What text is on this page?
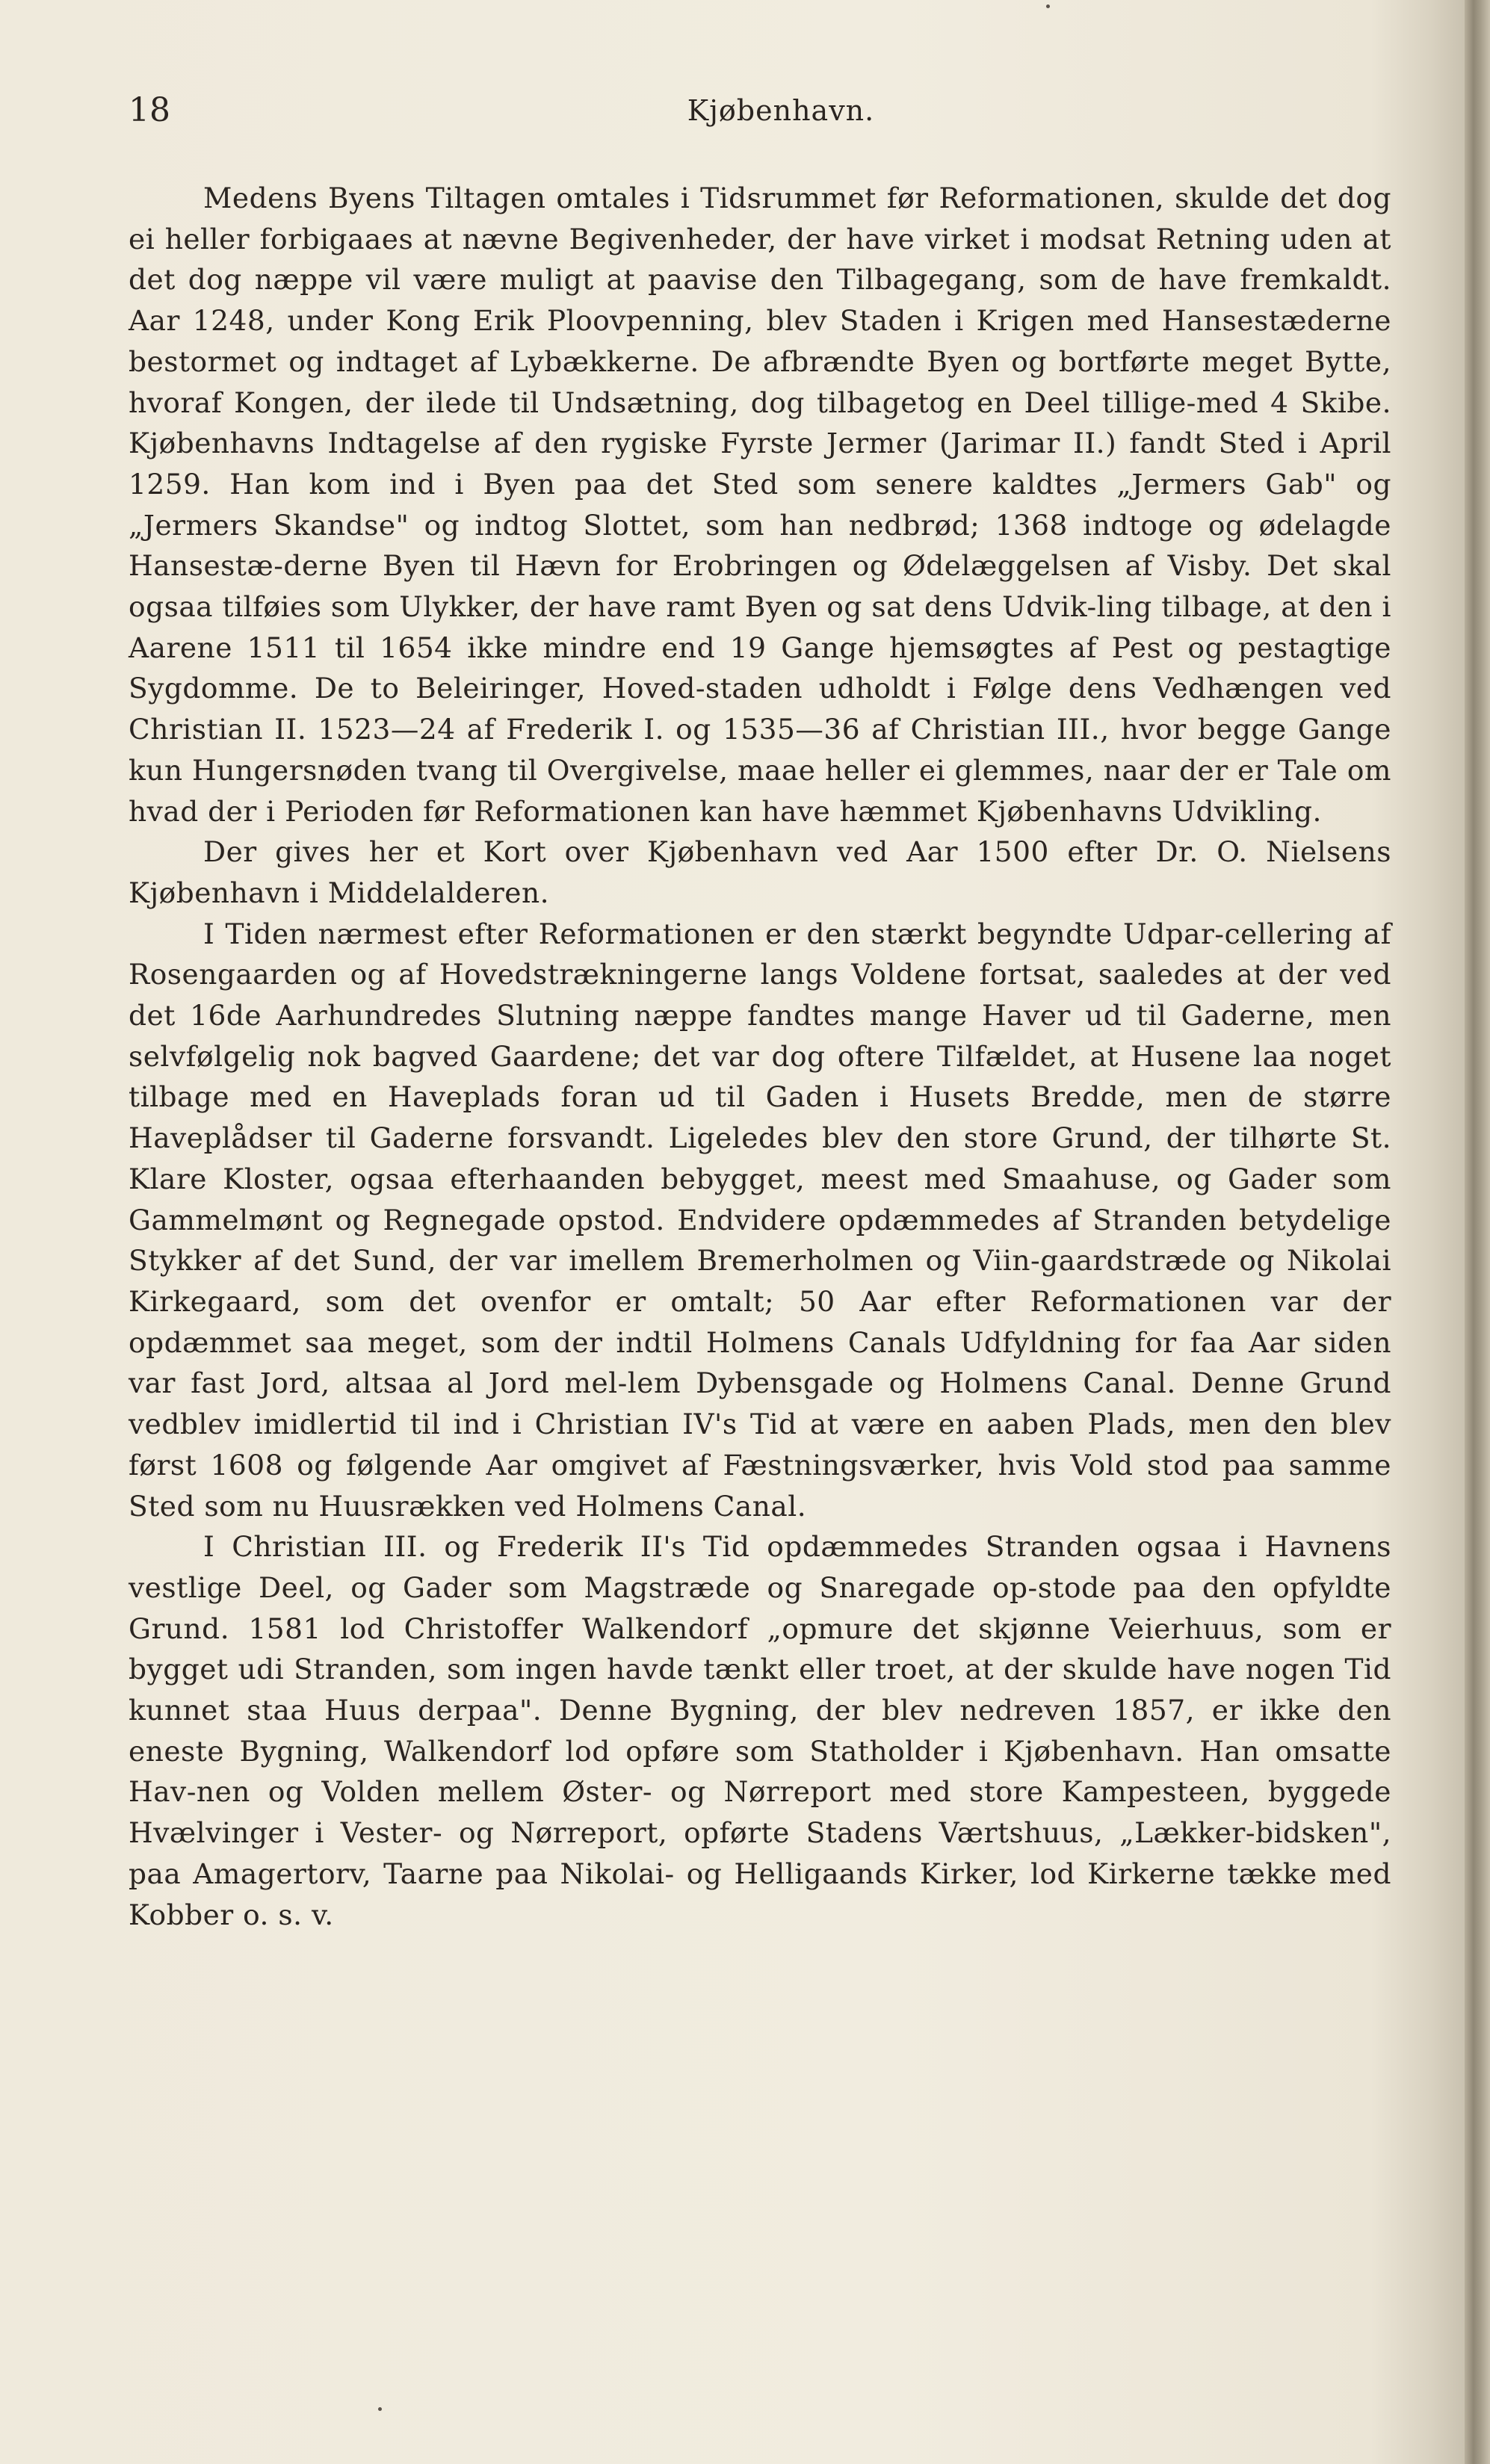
18	Kjøbenhavn.

Medens Byens Tiltagen omtales i Tidsrummet før Reformationen, skulde det dog ei heller forbigaaes at nævne Begivenheder, der have virket i modsat Retning uden at det dog næppe vil være muligt at paavise den Tilbagegang, som de have fremkaldt. Aar 1248, under Kong Erik Ploovpenning, blev Staden i Krigen med Hansestæderne bestormet og indtaget af Lybækkerne. De afbrændte Byen og bortførte meget Bytte, hvoraf Kongen, der ilede til Undsætning, dog tilbagetog en Deel tillige-med 4 Skibe. Kjøbenhavns Indtagelse af den rygiske Fyrste Jermer (Jarimar II.) fandt Sted i April 1259. Han kom ind i Byen paa det Sted som senere kaldtes „Jermers Gab" og „Jermers Skandse" og indtog Slottet, som han nedbrød; 1368 indtoge og ødelagde Hansestæ-derne Byen til Hævn for Erobringen og Ødelæggelsen af Visby. Det skal ogsaa tilføies som Ulykker, der have ramt Byen og sat dens Udvik-ling tilbage, at den i Aarene 1511 til 1654 ikke mindre end 19 Gange hjemsøgtes af Pest og pestagtige Sygdomme. De to Beleiringer, Hoved-staden udholdt i Følge dens Vedhængen ved Christian II. 1523—24 af Frederik I. og 1535—36 af Christian III., hvor begge Gange kun Hungersnøden tvang til Overgivelse, maae heller ei glemmes, naar der er Tale om hvad der i Perioden før Reformationen kan have hæmmet Kjøbenhavns Udvikling.

Der gives her et Kort over Kjøbenhavn ved Aar 1500 efter Dr. O. Nielsens Kjøbenhavn i Middelalderen.

I Tiden nærmest efter Reformationen er den stærkt begyndte Udpar-cellering af Rosengaarden og af Hovedstrækningerne langs Voldene fortsat, saaledes at der ved det 16de Aarhundredes Slutning næppe fandtes mange Haver ud til Gaderne, men selvfølgelig nok bagved Gaardene; det var dog oftere Tilfældet, at Husene laa noget tilbage med en Haveplads foran ud til Gaden i Husets Bredde, men de større Haveplådser til Gaderne forsvandt. Ligeledes blev den store Grund, der tilhørte St. Klare Kloster, ogsaa efterhaanden bebygget, meest med Smaahuse, og Gader som Gammelmønt og Regnegade opstod. Endvidere opdæmmedes af Stranden betydelige Stykker af det Sund, der var imellem Bremerholmen og Viin-gaardstræde og Nikolai Kirkegaard, som det ovenfor er omtalt; 50 Aar efter Reformationen var der opdæmmet saa meget, som der indtil Holmens Canals Udfyldning for faa Aar siden var fast Jord, altsaa al Jord mel-lem Dybensgade og Holmens Canal. Denne Grund vedblev imidlertid til ind i Christian IV's Tid at være en aaben Plads, men den blev først 1608 og følgende Aar omgivet af Fæstningsværker, hvis Vold stod paa samme Sted som nu Huusrækken ved Holmens Canal.

I Christian III. og Frederik II's Tid opdæmmedes Stranden ogsaa i Havnens vestlige Deel, og Gader som Magstræde og Snaregade op-stode paa den opfyldte Grund. 1581 lod Christoffer Walkendorf „opmure det skjønne Veierhuus, som er bygget udi Stranden, som ingen havde tænkt eller troet, at der skulde have nogen Tid kunnet staa Huus derpaa". Denne Bygning, der blev nedreven 1857, er ikke den eneste Bygning, Walkendorf lod opføre som Statholder i Kjøbenhavn. Han omsatte Hav-nen og Volden mellem Øster- og Nørreport med store Kampesteen, byggede Hvælvinger i Vester- og Nørreport, opførte Stadens Værtshuus, „Lækker-bidsken", paa Amagertorv, Taarne paa Nikolai- og Helligaands Kirker, lod Kirkerne tække med Kobber o. s. v.
